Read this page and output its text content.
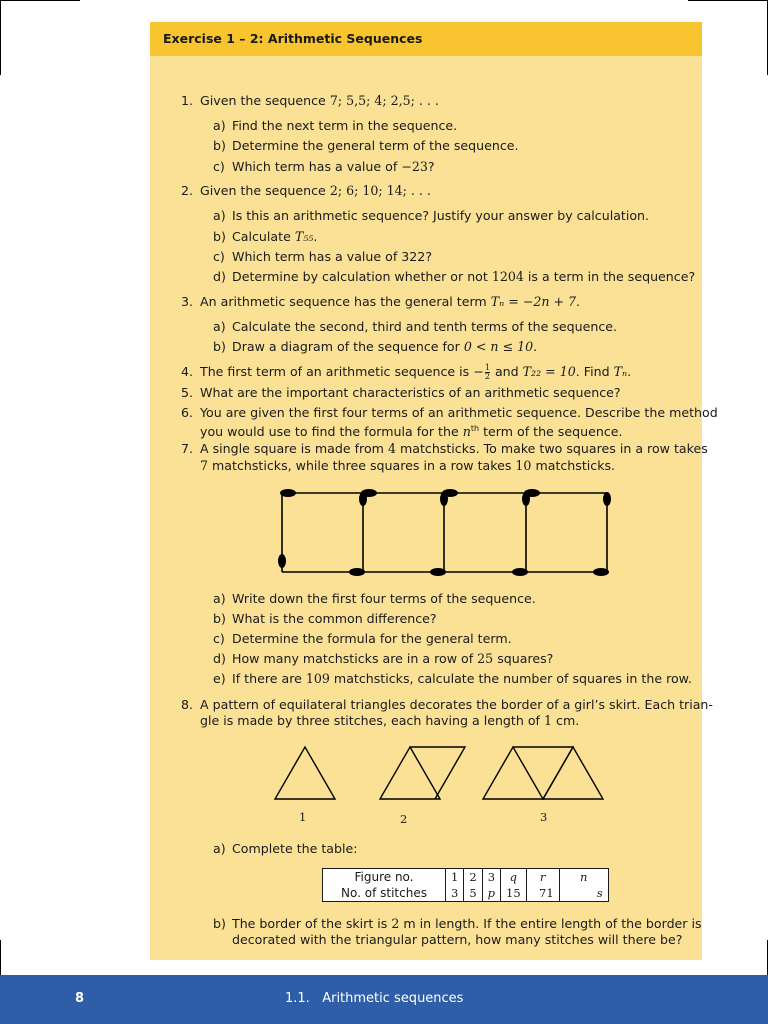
Exercise 1 – 2: Arithmetic Sequences
1. Given the sequence 7; 5,5; 4; 2,5; . . .
a) Find the next term in the sequence.
b) Determine the general term of the sequence.
c) Which term has a value of −23?
2. Given the sequence 2; 6; 10; 14; . . .
a) Is this an arithmetic sequence? Justify your answer by calculation.
b) Calculate T₅₅.
c) Which term has a value of 322?
d) Determine by calculation whether or not 1204 is a term in the sequence?
3. An arithmetic sequence has the general term Tₙ = −2n + 7.
a) Calculate the second, third and tenth terms of the sequence.
b) Draw a diagram of the sequence for 0 < n ≤ 10.
4. The first term of an arithmetic sequence is − $\frac{1}{2}$ and T₂₂ = 10. Find Tₙ.
5. What are the important characteristics of an arithmetic sequence?
6. You are given the first four terms of an arithmetic sequence. Describe the method
you would use to find the formula for the $n^{th}$ term of the sequence.
7. A single square is made from 4 matchsticks. To make two squares in a row takes
7 matchsticks, while three squares in a row takes 10 matchsticks.
a) Write down the first four terms of the sequence.
b) What is the common difference?
c) Determine the formula for the general term.
d) How many matchsticks are in a row of 25 squares?
e) If there are 109 matchsticks, calculate the number of squares in the row.
8. A pattern of equilateral triangles decorates the border of a girl’s skirt. Each trian-
gle is made by three stitches, each having a length of 1 cm.
1	2	3
a) Complete the table:
Figure no.	1	2	3	q	r	n
No. of stitches	3	5	p	15	71	s
b) The border of the skirt is 2 m in length. If the entire length of the border is
decorated with the triangular pattern, how many stitches will there be?
8	1.1.   Arithmetic sequences
